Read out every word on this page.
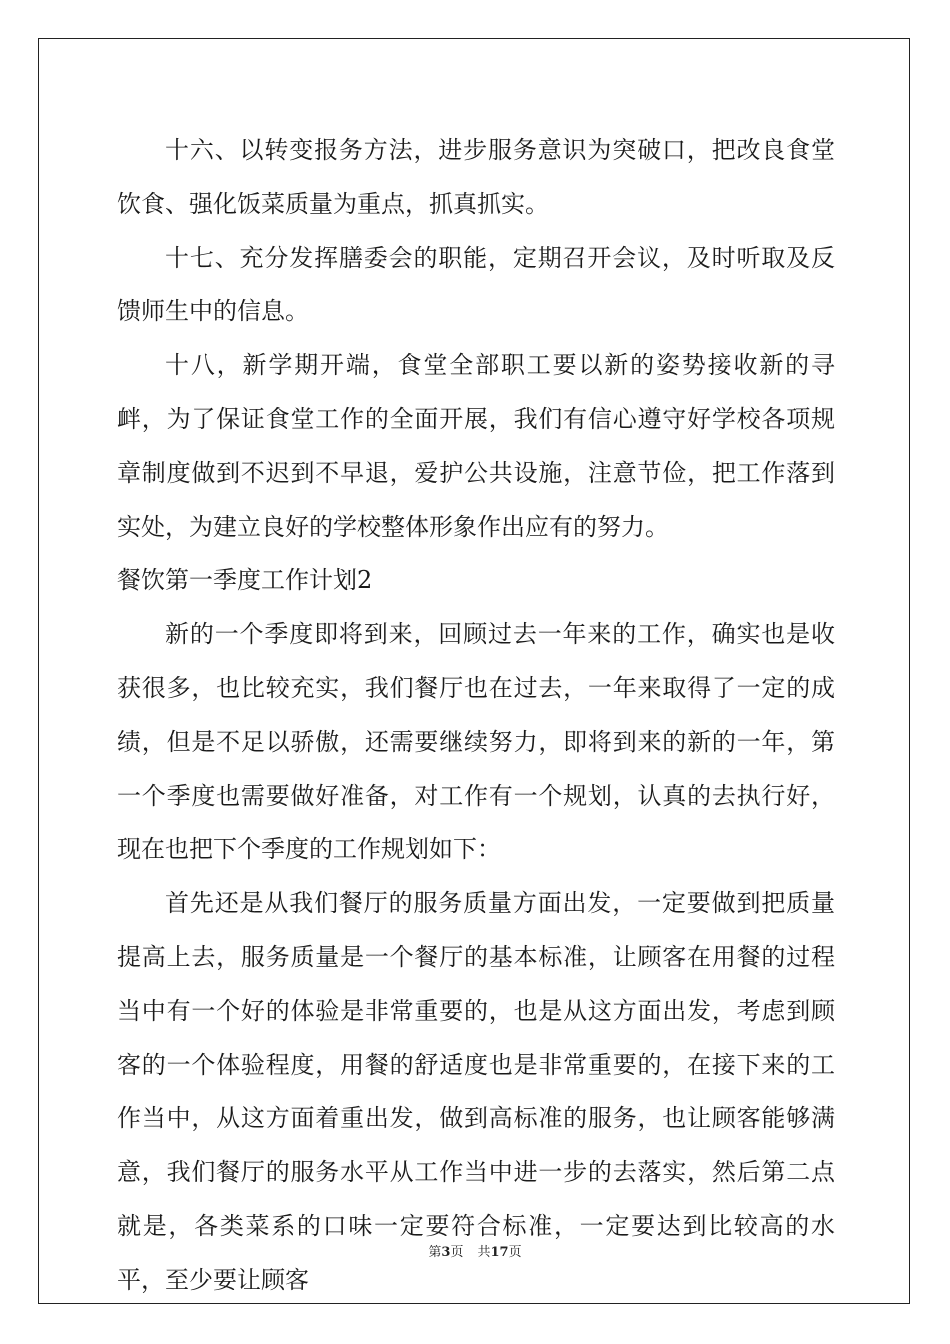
十六、以转变报务方法，进步服务意识为突破口，把改良食堂饮食、强化饭菜质量为重点，抓真抓实。

十七、充分发挥膳委会的职能，定期召开会议，及时听取及反馈师生中的信息。

十八，新学期开端，食堂全部职工要以新的姿势接收新的寻衅，为了保证食堂工作的全面开展，我们有信心遵守好学校各项规章制度做到不迟到不早退，爱护公共设施，注意节俭，把工作落到实处，为建立良好的学校整体形象作出应有的努力。

餐饮第一季度工作计划2

新的一个季度即将到来，回顾过去一年来的工作，确实也是收获很多，也比较充实，我们餐厅也在过去，一年来取得了一定的成绩，但是不足以骄傲，还需要继续努力，即将到来的新的一年，第一个季度也需要做好准备，对工作有一个规划，认真的去执行好，现在也把下个季度的工作规划如下：

首先还是从我们餐厅的服务质量方面出发，一定要做到把质量提高上去，服务质量是一个餐厅的基本标准，让顾客在用餐的过程当中有一个好的体验是非常重要的，也是从这方面出发，考虑到顾客的一个体验程度，用餐的舒适度也是非常重要的，在接下来的工作当中，从这方面着重出发，做到高标准的服务，也让顾客能够满意，我们餐厅的服务水平从工作当中进一步的去落实，然后第二点就是，各类菜系的口味一定要符合标准，一定要达到比较高的水平，至少要让顾客

第3页 共17页
